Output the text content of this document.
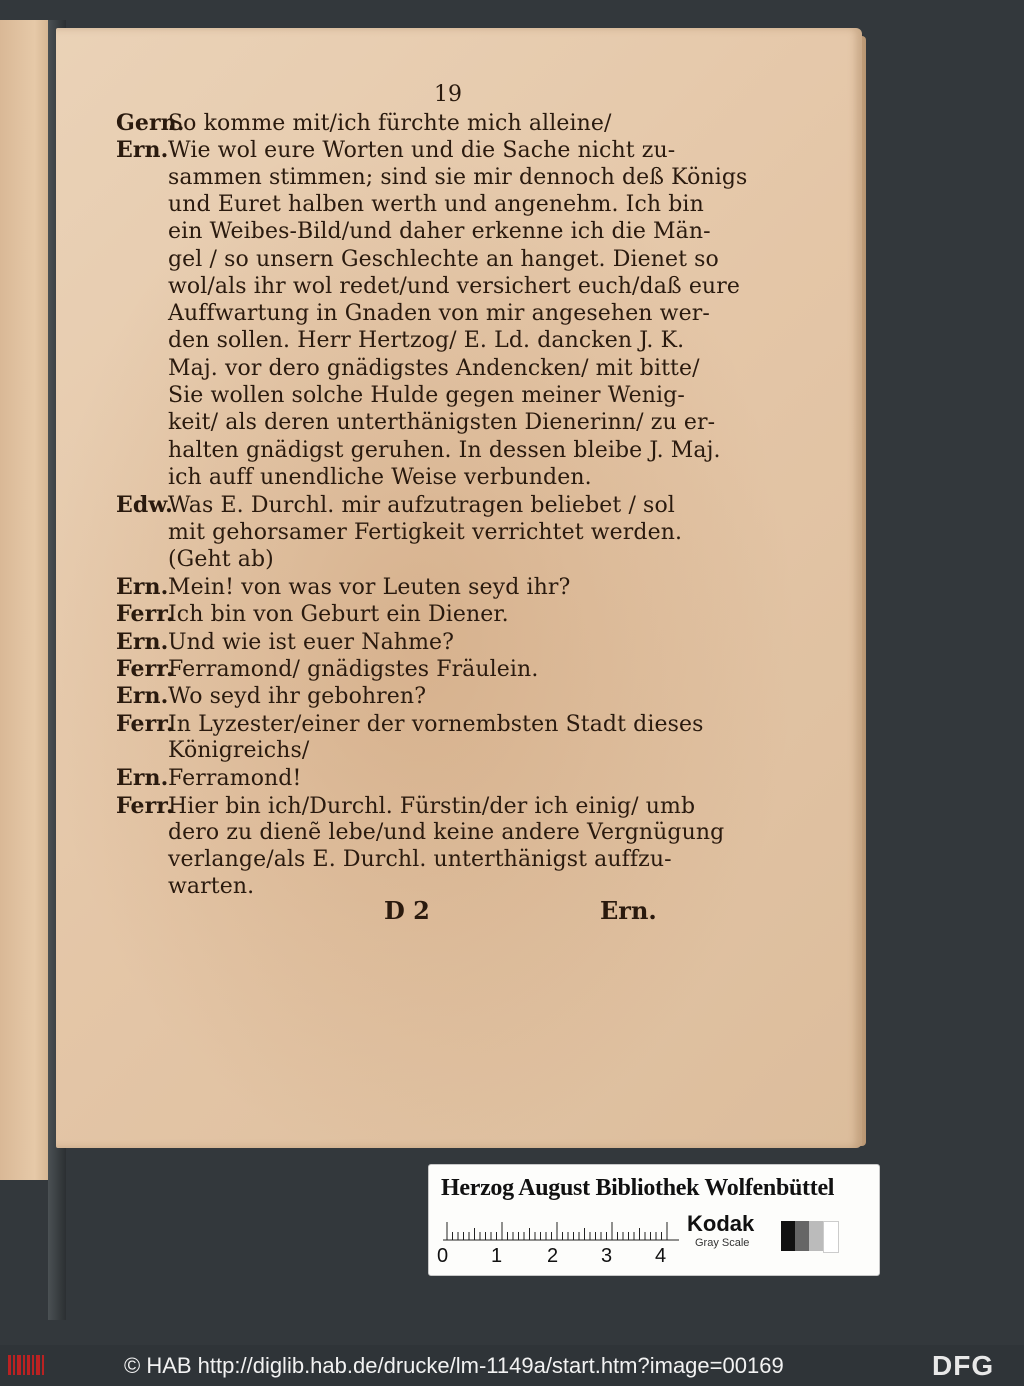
19
Gern.So komme mit/ich fürchte mich alleine/
Ern.Wie wol eure Worten und die Sache nicht zu-
sammen stimmen; sind sie mir dennoch deß Königs
und Euret halben werth und angenehm. Ich bin
ein Weibes-Bild/und daher erkenne ich die Män-
gel / so unsern Geschlechte an hanget. Dienet so
wol/als ihr wol redet/und versichert euch/daß eure
Auffwartung in Gnaden von mir angesehen wer-
den sollen. Herr Hertzog/ E. Ld. dancken J. K.
Maj. vor dero gnädigstes Andencken/ mit bitte/
Sie wollen solche Hulde gegen meiner Wenig-
keit/ als deren unterthänigsten Dienerinn/ zu er-
halten gnädigst geruhen. In dessen bleibe J. Maj.
ich auff unendliche Weise verbunden.
Edw.Was E. Durchl. mir aufzutragen beliebet / sol
mit gehorsamer Fertigkeit verrichtet werden.
(Geht ab)
Ern.Mein! von was vor Leuten seyd ihr?
Ferr.Ich bin von Geburt ein Diener.
Ern.Und wie ist euer Nahme?
Ferr.Ferramond/ gnädigstes Fräulein.
Ern.Wo seyd ihr gebohren?
Ferr.In Lyzester/einer der vornembsten Stadt dieses
Königreichs/
Ern.Ferramond!
Ferr.Hier bin ich/Durchl. Fürstin/der ich einig/ umb
dero zu dienẽ lebe/und keine andere Vergnügung
verlange/als E. Durchl. unterthänigst auffzu-
warten.
D 2	Ern.
Herzog August Bibliothek Wolfenbüttel
0 1 2 3 4
Kodak
Gray Scale
© HAB http://diglib.hab.de/drucke/lm-1149a/start.htm?image=00169	DFG
